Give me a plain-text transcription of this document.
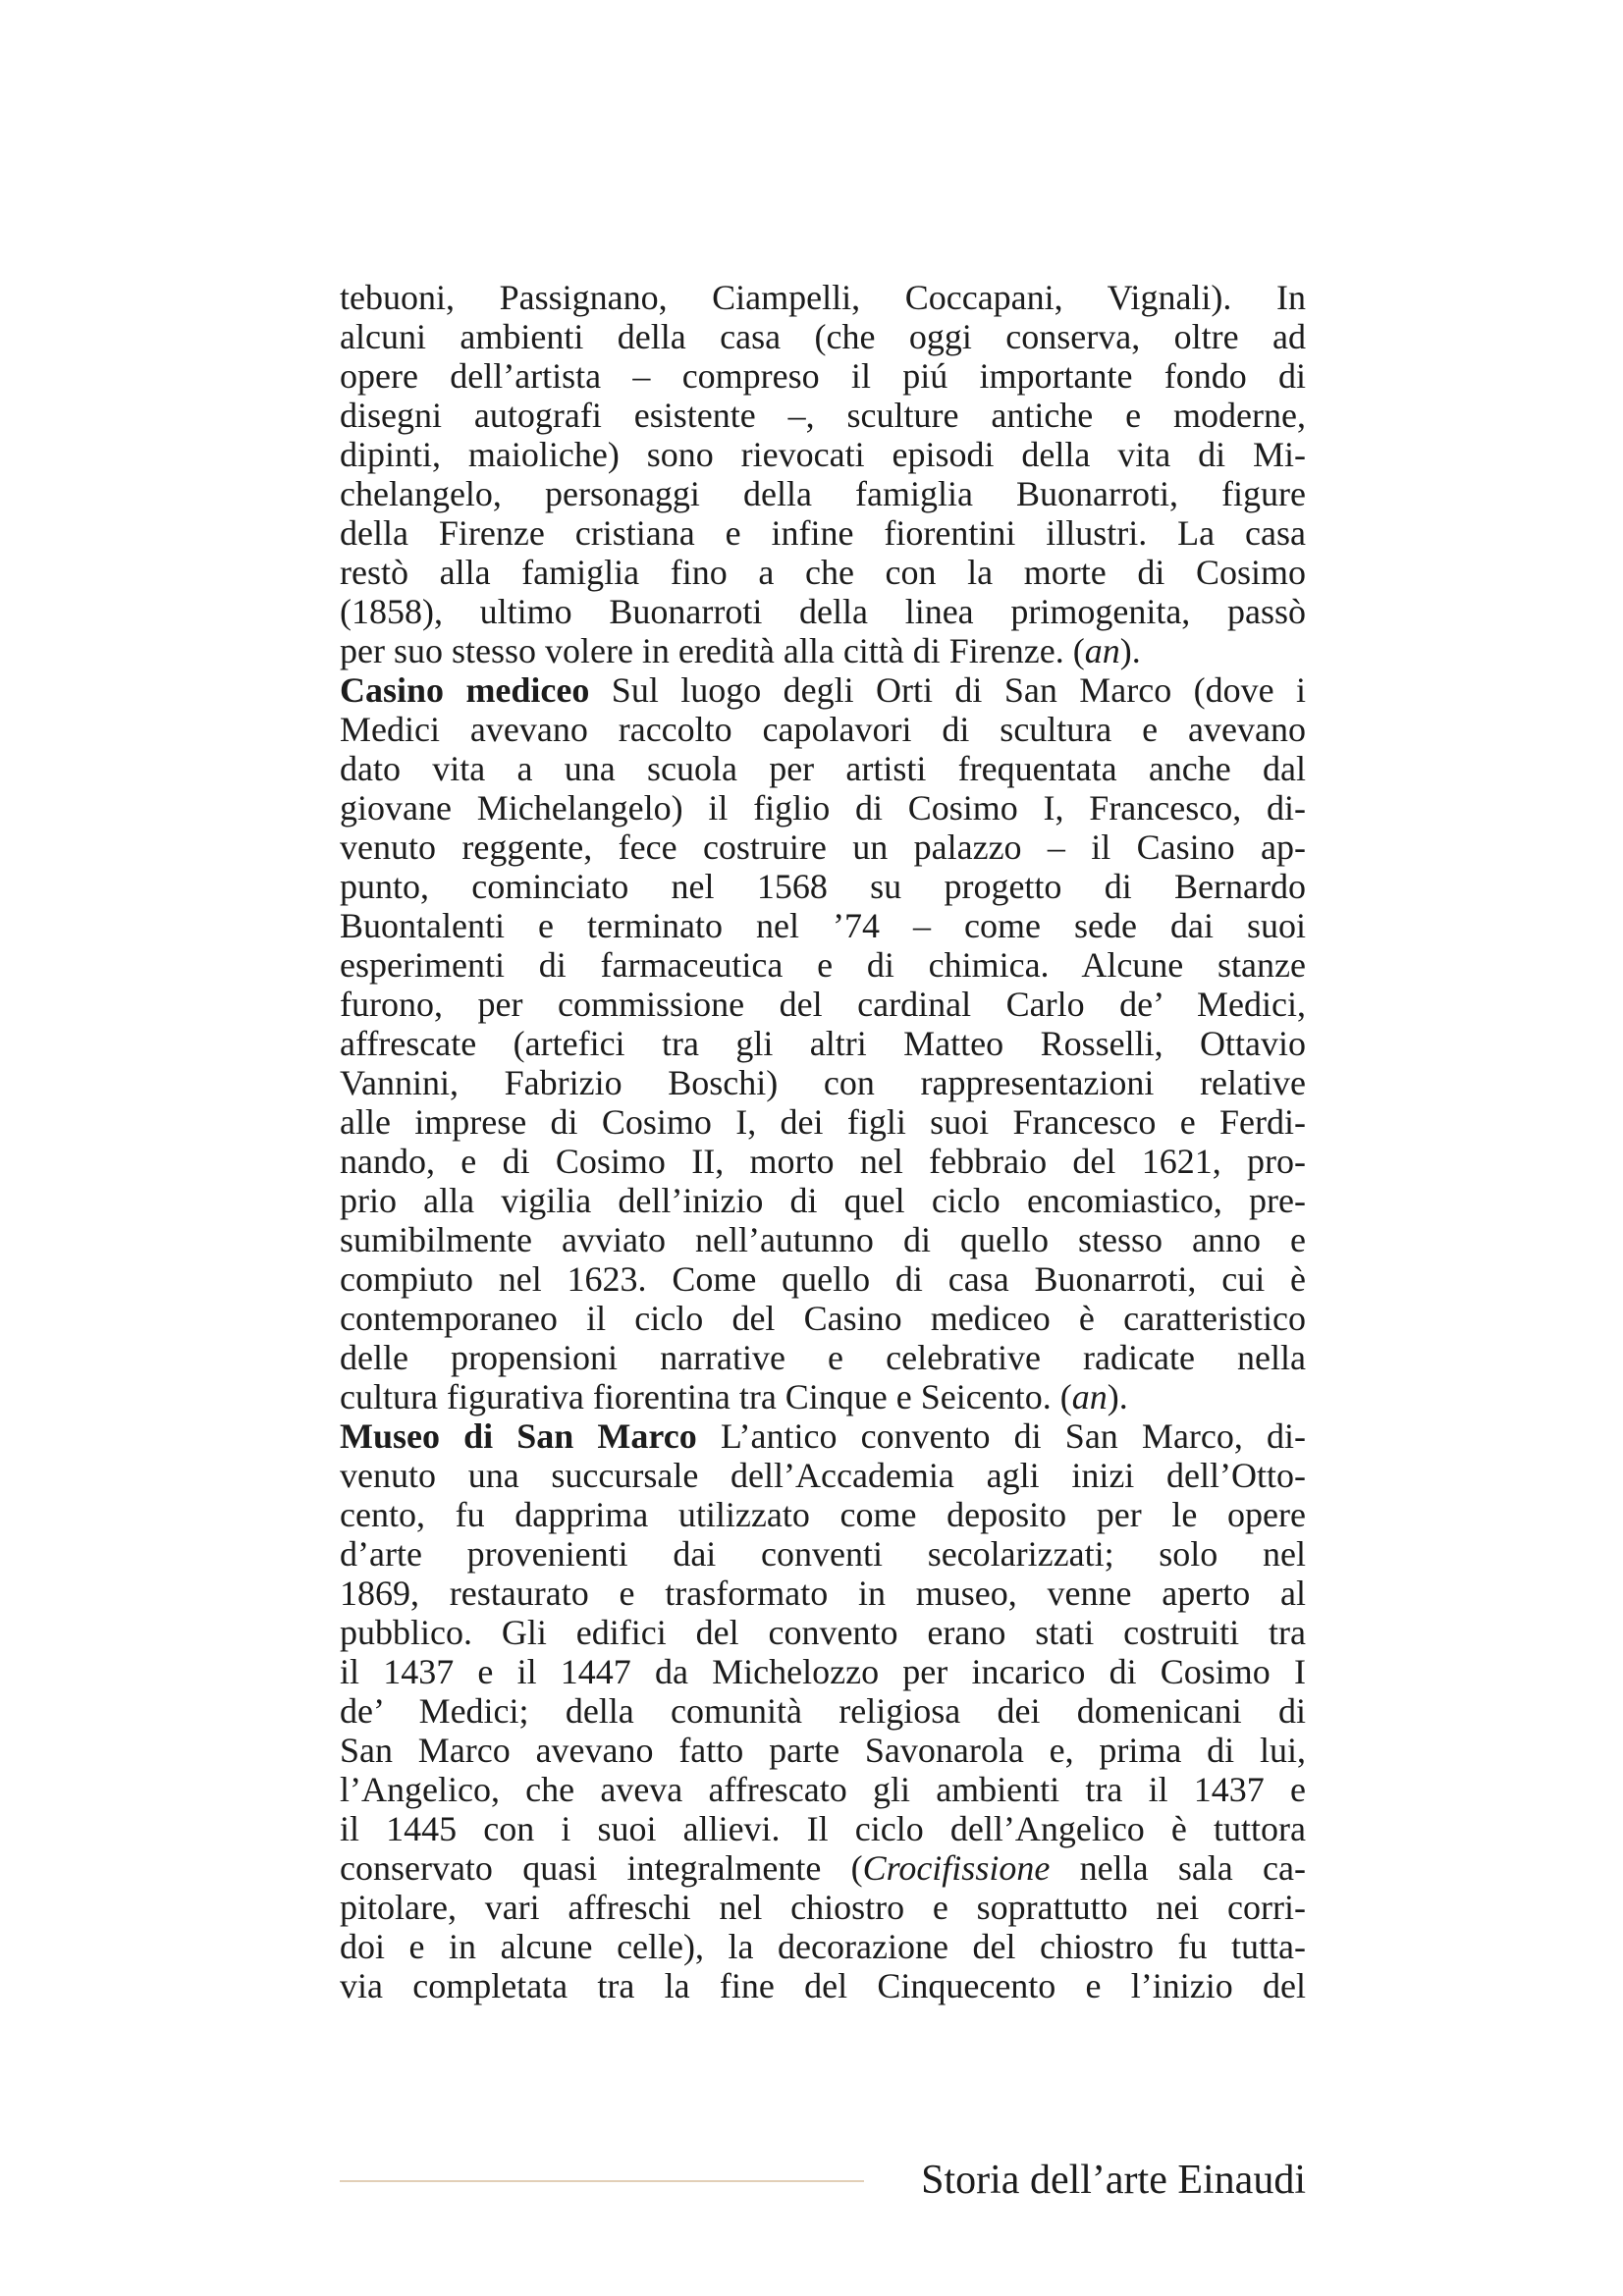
tebuoni, Passignano, Ciampelli, Coccapani, Vignali). In
alcuni ambienti della casa (che oggi conserva, oltre ad
opere dell’artista – compreso il piú importante fondo di
disegni autografi esistente –, sculture antiche e moderne,
dipinti, maioliche) sono rievocati episodi della vita di Mi-
chelangelo, personaggi della famiglia Buonarroti, figure
della Firenze cristiana e infine fiorentini illustri. La casa
restò alla famiglia fino a che con la morte di Cosimo
(1858), ultimo Buonarroti della linea primogenita, passò
per suo stesso volere in eredità alla città di Firenze. (an).
Casino mediceo Sul luogo degli Orti di San Marco (dove i
Medici avevano raccolto capolavori di scultura e avevano
dato vita a una scuola per artisti frequentata anche dal
giovane Michelangelo) il figlio di Cosimo I, Francesco, di-
venuto reggente, fece costruire un palazzo – il Casino ap-
punto, cominciato nel 1568 su progetto di Bernardo
Buontalenti e terminato nel ’74 – come sede dai suoi
esperimenti di farmaceutica e di chimica. Alcune stanze
furono, per commissione del cardinal Carlo de’ Medici,
affrescate (artefici tra gli altri Matteo Rosselli, Ottavio
Vannini, Fabrizio Boschi) con rappresentazioni relative
alle imprese di Cosimo I, dei figli suoi Francesco e Ferdi-
nando, e di Cosimo II, morto nel febbraio del 1621, pro-
prio alla vigilia dell’inizio di quel ciclo encomiastico, pre-
sumibilmente avviato nell’autunno di quello stesso anno e
compiuto nel 1623. Come quello di casa Buonarroti, cui è
contemporaneo il ciclo del Casino mediceo è caratteristico
delle propensioni narrative e celebrative radicate nella
cultura figurativa fiorentina tra Cinque e Seicento. (an).
Museo di San Marco L’antico convento di San Marco, di-
venuto una succursale dell’Accademia agli inizi dell’Otto-
cento, fu dapprima utilizzato come deposito per le opere
d’arte provenienti dai conventi secolarizzati; solo nel
1869, restaurato e trasformato in museo, venne aperto al
pubblico. Gli edifici del convento erano stati costruiti tra
il 1437 e il 1447 da Michelozzo per incarico di Cosimo I
de’ Medici; della comunità religiosa dei domenicani di
San Marco avevano fatto parte Savonarola e, prima di lui,
l’Angelico, che aveva affrescato gli ambienti tra il 1437 e
il 1445 con i suoi allievi. Il ciclo dell’Angelico è tuttora
conservato quasi integralmente (Crocifissione nella sala ca-
pitolare, vari affreschi nel chiostro e soprattutto nei corri-
doi e in alcune celle), la decorazione del chiostro fu tutta-
via completata tra la fine del Cinquecento e l’inizio del
Storia dell’arte Einaudi
